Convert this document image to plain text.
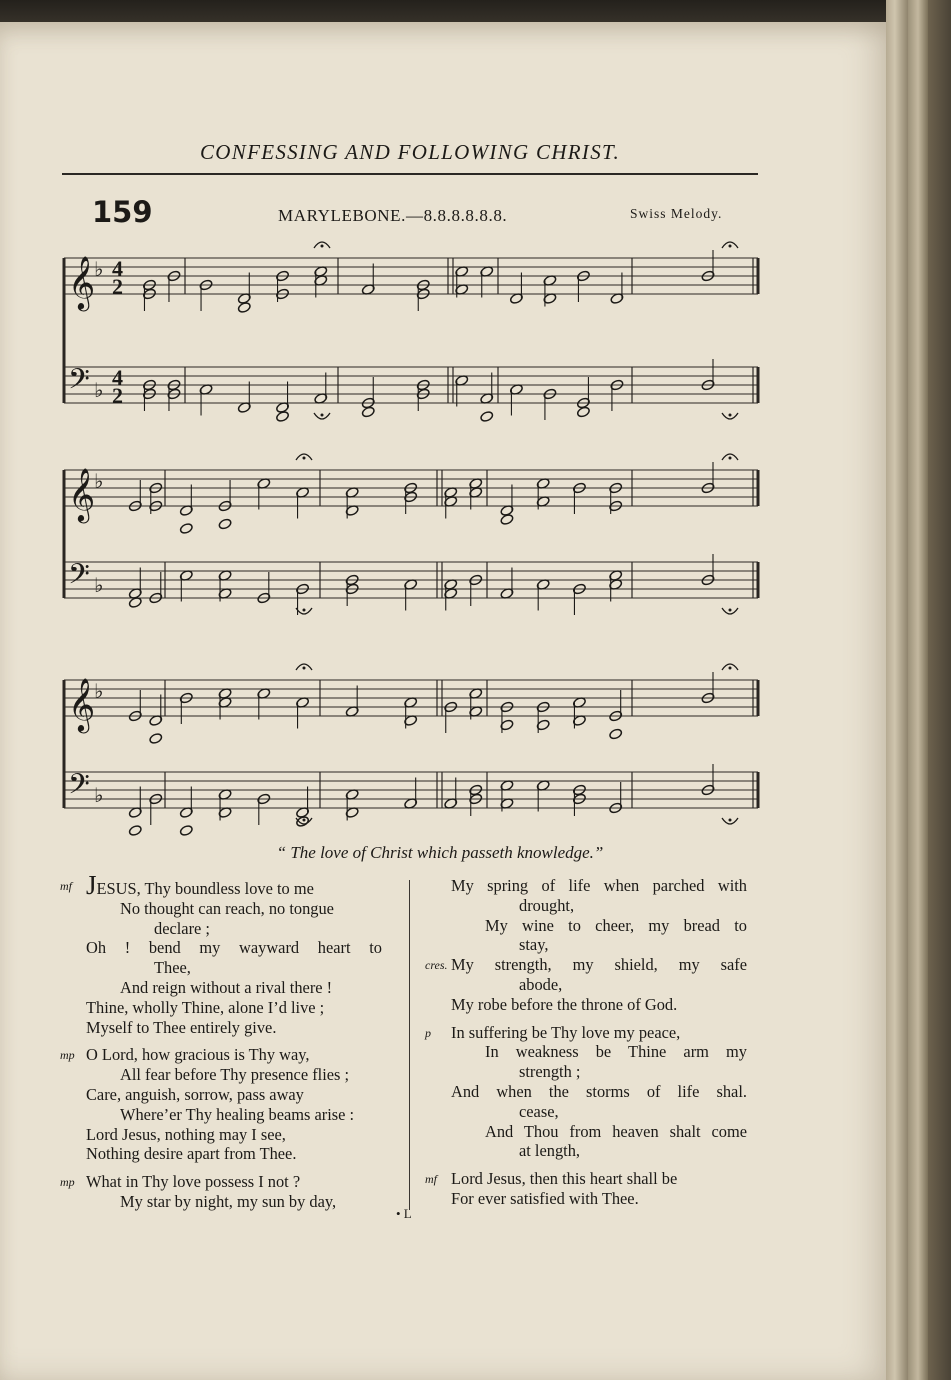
CONFESSING AND FOLLOWING CHRIST.
159	MARYLEBONE.—8.8.8.8.8.8.	Swiss Melody.
𝄞
♭ 4
2
𝄢 ♭ 4
2
𝄞
♭
𝄢 ♭
𝄞
♭
𝄢 ♭
“ The love of Christ which passeth knowledge.”
mf JESUS, Thy boundless love to me
No thought can reach, no tongue
declare ;
Oh ! bend my wayward heart to
Thee,
And reign without a rival there !
Thine, wholly Thine, alone I’d live ;
Myself to Thee entirely give.
mp O Lord, how gracious is Thy way,
All fear before Thy presence flies ;
Care, anguish, sorrow, pass away
Where’er Thy healing beams arise :
Lord Jesus, nothing may I see,
Nothing desire apart from Thee.
mp What in Thy love possess I not ?
My star by night, my sun by day,
My spring of life when parched with
drought,
My wine to cheer, my bread to
stay,
cres. My strength, my shield, my safe
abode,
My robe before the throne of God.
p In suffering be Thy love my peace,
In weakness be Thine arm my
strength ;
And when the storms of life shal.
cease,
And Thou from heaven shalt come
at length,
mf Lord Jesus, then this heart shall be
For ever satisfied with Thee.
• L
